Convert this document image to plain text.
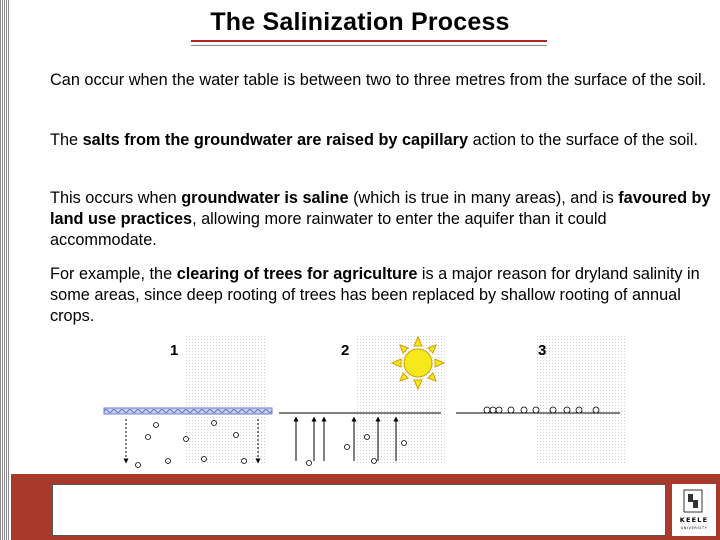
The Salinization Process

Can occur when the water table is between two to three metres from the surface of the soil.

The salts from the groundwater are raised by capillary action to the surface of the soil.

This occurs when groundwater is saline (which is true in many areas), and is favoured by land use practices, allowing more rainwater to enter the aquifer than it could accommodate.

For example, the clearing of trees for agriculture is a major reason for dryland salinity in some areas, since deep rooting of trees has been replaced by shallow rooting of annual crops.

1	2	3
KEELE
UNIVERSITY
